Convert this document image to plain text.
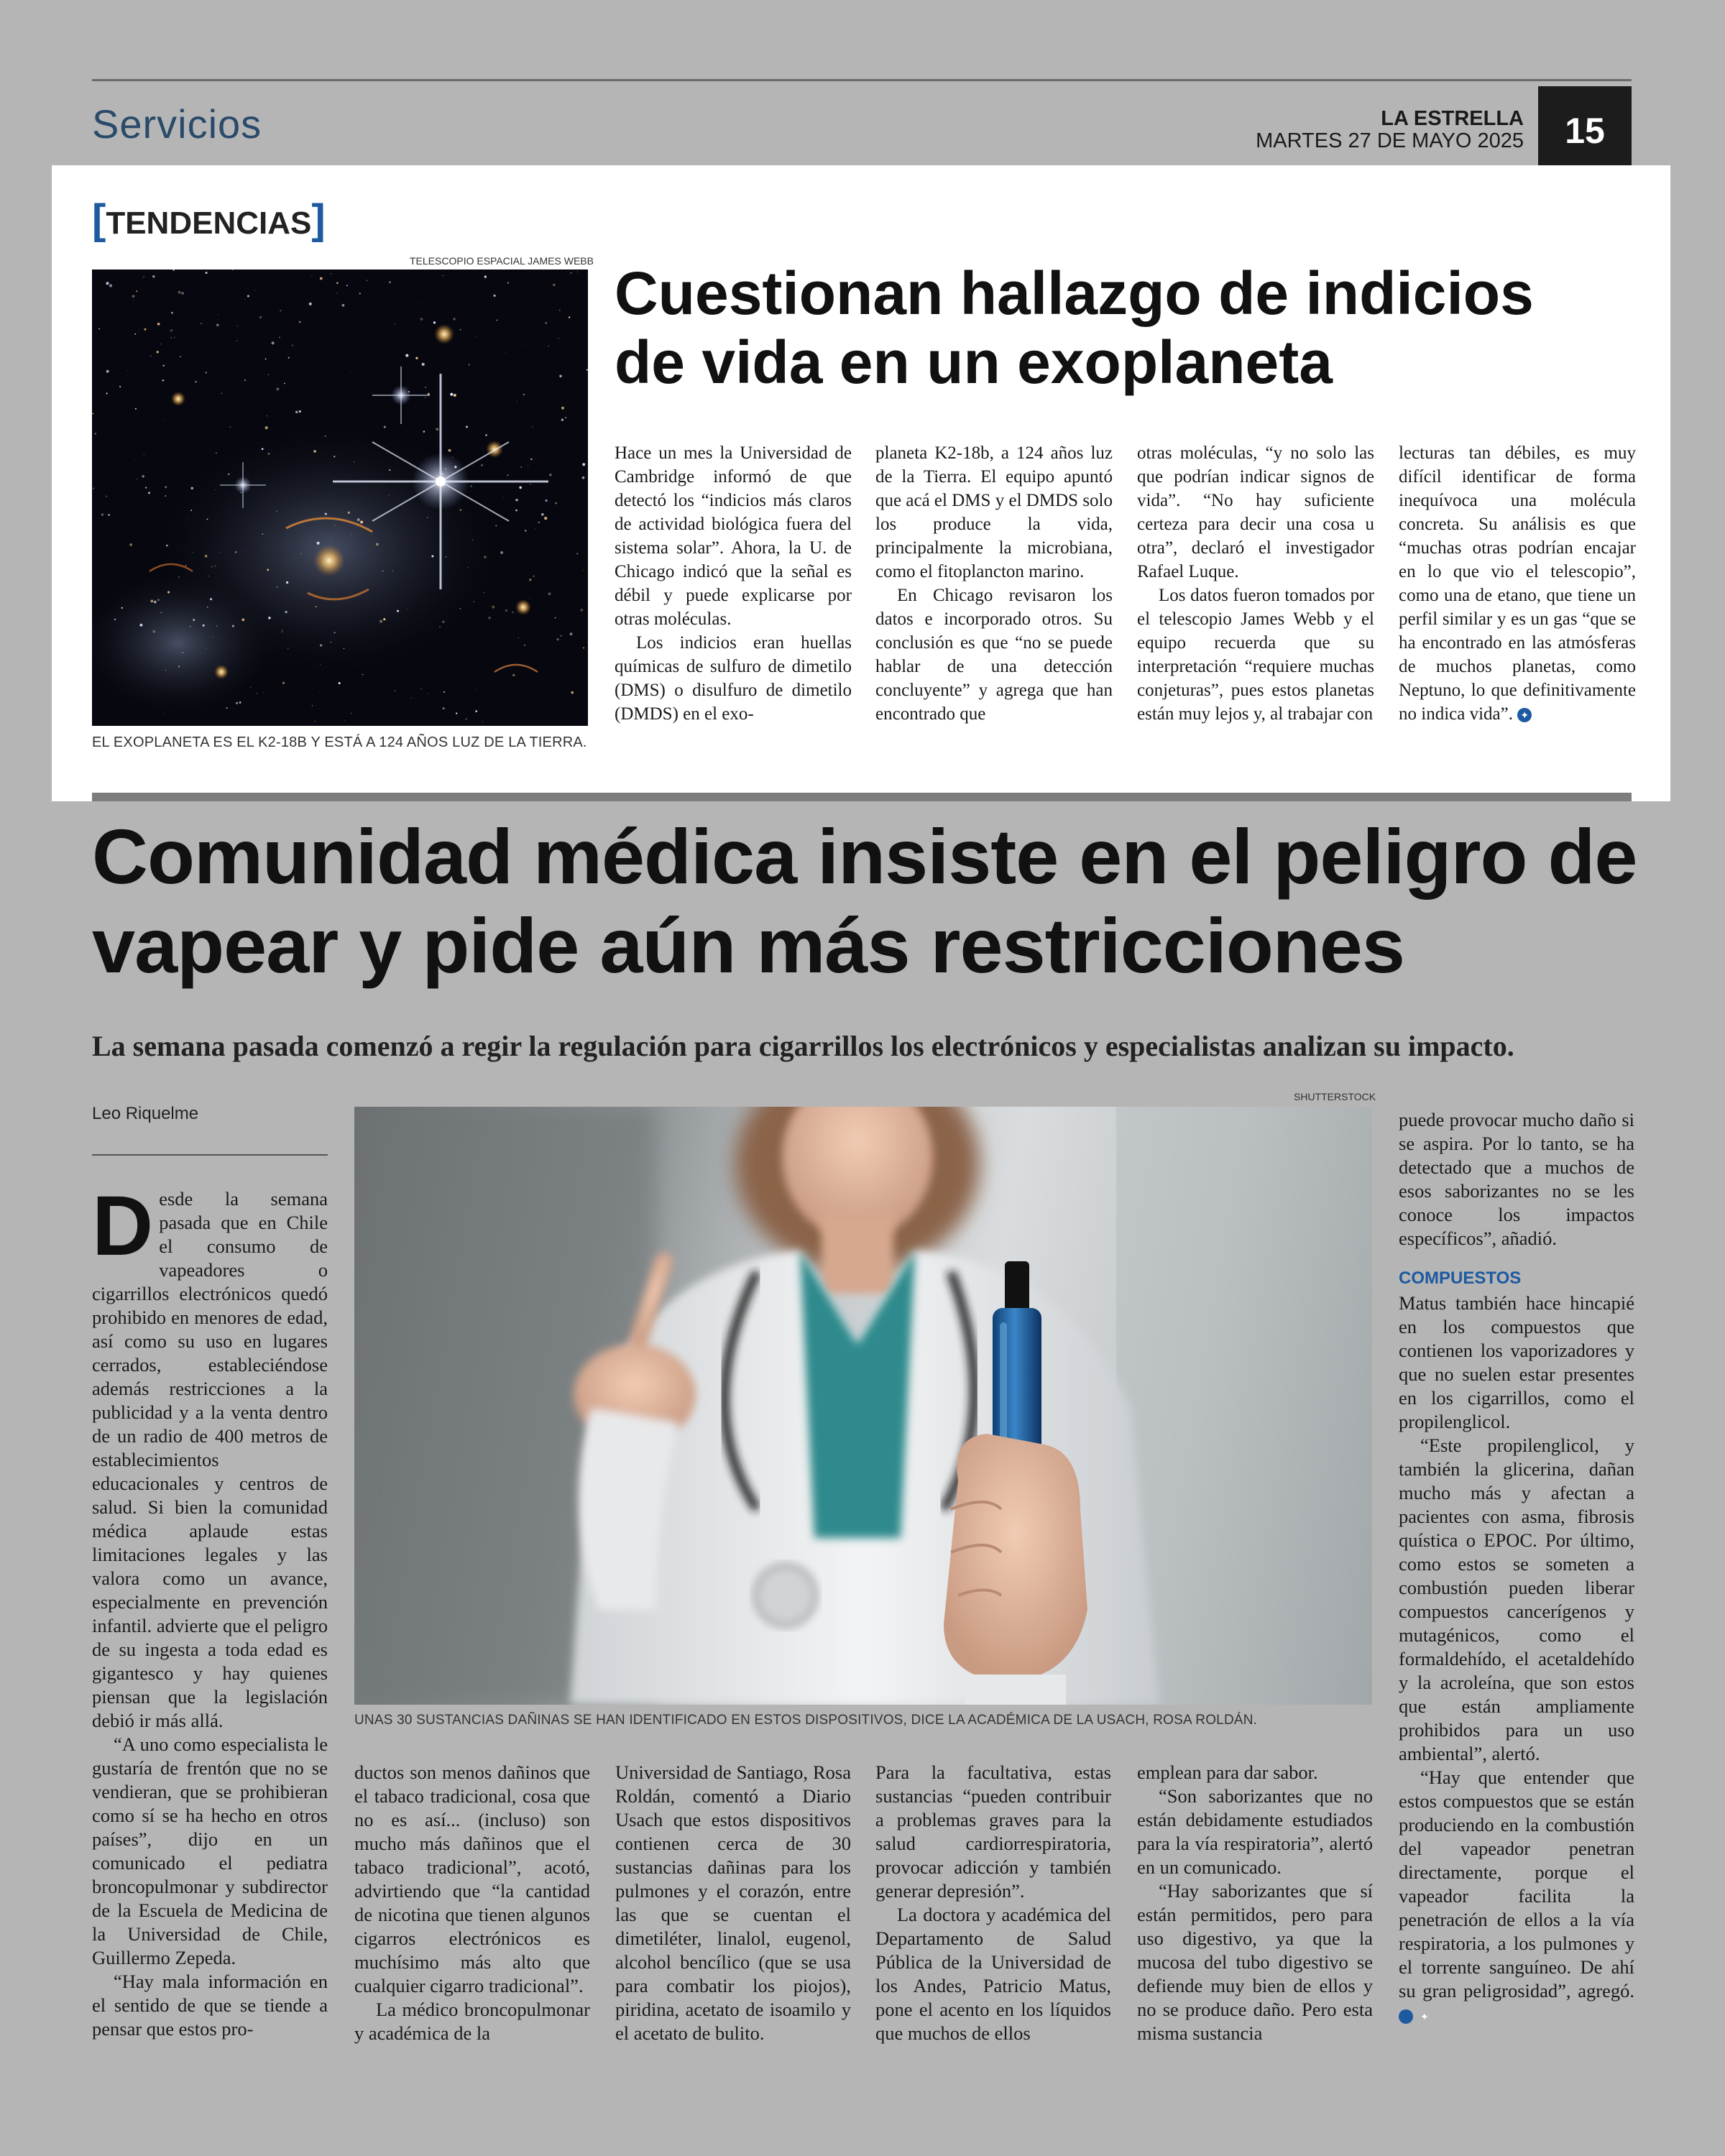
Servicios	LA ESTRELLA
MARTES 27 DE MAYO 2025	15
[TENDENCIAS]
TELESCOPIO ESPACIAL JAMES WEBB
EL EXOPLANETA ES EL K2-18B Y ESTÁ A 124 AÑOS LUZ DE LA TIERRA.
Cuestionan hallazgo de indicios de vida en un exoplaneta

Hace un mes la Universidad de Cambridge informó de que detectó los “indicios más claros de actividad biológica fuera del sistema solar”. Ahora, la U. de Chicago indicó que la señal es débil y puede explicarse por otras moléculas.

Los indicios eran huellas químicas de sulfuro de dimetilo (DMS) o disulfuro de dimetilo (DMDS) en el exo-

planeta K2-18b, a 124 años luz de la Tierra. El equipo apuntó que acá el DMS y el DMDS solo los produce la vida, principalmente la microbiana, como el fitoplancton marino.

En Chicago revisaron los datos e incorporado otros. Su conclusión es que “no se puede hablar de una detección concluyente” y agrega que han encontrado que

otras moléculas, “y no solo las que podrían indicar signos de vida”. “No hay suficiente certeza para decir una cosa u otra”, declaró el investigador Rafael Luque.

Los datos fueron tomados por el telescopio James Webb y el equipo recuerda que su interpretación “requiere muchas conjeturas”, pues estos planetas están muy lejos y, al trabajar con

lecturas tan débiles, es muy difícil identificar de forma inequívoca una molécula concreta. Su análisis es que “muchas otras podrían encajar en lo que vio el telescopio”, como una de etano, que tiene un perfil similar y es un gas “que se ha encontrado en las atmósferas de muchos planetas, como Neptuno, lo que definitivamente no indica vida”. ✦

Comunidad médica insiste en el peligro de vapear y pide aún más restricciones
La semana pasada comenzó a regir la regulación para cigarrillos los electrónicos y especialistas analizan su impacto.
Leo Riquelme
SHUTTERSTOCK
UNAS 30 SUSTANCIAS DAÑINAS SE HAN IDENTIFICADO EN ESTOS DISPOSITIVOS, DICE LA ACADÉMICA DE LA USACH, ROSA ROLDÁN.

Desde la semana pasada que en Chile el consumo de vapeadores o cigarrillos electrónicos quedó prohibido en menores de edad, así como su uso en lugares cerrados, estableciéndose además restricciones a la publicidad y a la venta dentro de un radio de 400 metros de establecimientos educacionales y centros de salud. Si bien la comunidad médica aplaude estas limitaciones legales y las valora como un avance, especialmente en prevención infantil. advierte que el peligro de su ingesta a toda edad es gigantesco y hay quienes piensan que la legislación debió ir más allá.

“A uno como especialista le gustaría de frentón que no se vendieran, que se prohibieran como sí se ha hecho en otros países”, dijo en un comunicado el pediatra broncopulmonar y subdirector de la Escuela de Medicina de la Universidad de Chile, Guillermo Zepeda.

“Hay mala información en el sentido de que se tiende a pensar que estos pro-

ductos son menos dañinos que el tabaco tradicional, cosa que no es así... (incluso) son mucho más dañinos que el tabaco tradicional”, acotó, advirtiendo que “la cantidad de nicotina que tienen algunos cigarros electrónicos es muchísimo más alto que cualquier cigarro tradicional”.

La médico broncopulmonar y académica de la

Universidad de Santiago, Rosa Roldán, comentó a Diario Usach que estos dispositivos contienen cerca de 30 sustancias dañinas para los pulmones y el corazón, entre las que se cuentan el dimetiléter, linalol, eugenol, alcohol bencílico (que se usa para combatir los piojos), piridina, acetato de isoamilo y el acetato de bulito.

Para la facultativa, estas sustancias “pueden contribuir a problemas graves para la salud cardiorrespiratoria, provocar adicción y también generar depresión”.

La doctora y académica del Departamento de Salud Pública de la Universidad de los Andes, Patricio Matus, pone el acento en los líquidos que muchos de ellos

emplean para dar sabor.

“Son saborizantes que no están debidamente estudiados para la vía respiratoria”, alertó en un comunicado.

“Hay saborizantes que sí están permitidos, pero para uso digestivo, ya que la mucosa del tubo digestivo se defiende muy bien de ellos y no se produce daño. Pero esta misma sustancia

puede provocar mucho daño si se aspira. Por lo tanto, se ha detectado que a muchos de esos saborizantes no se les conoce los impactos específicos”, añadió.

COMPUESTOS

Matus también hace hincapié en los compuestos que contienen los vaporizadores y que no suelen estar presentes en los cigarrillos, como el propilenglicol.

“Este propilenglicol, y también la glicerina, dañan mucho más y afectan a pacientes con asma, fibrosis quística o EPOC. Por último, como estos se someten a combustión pueden liberar compuestos cancerígenos y mutagénicos, como el formaldehído, el acetaldehído y la acroleína, que son estos que están ampliamente prohibidos para un uso ambiental”, alertó.

“Hay que entender que estos compuestos que se están produciendo en la combustión del vapeador penetran directamente, porque el vapeador facilita la penetración de ellos a la vía respiratoria, a los pulmones y el torrente sanguíneo. De ahí su gran peligrosidad”, agregó. ✦
